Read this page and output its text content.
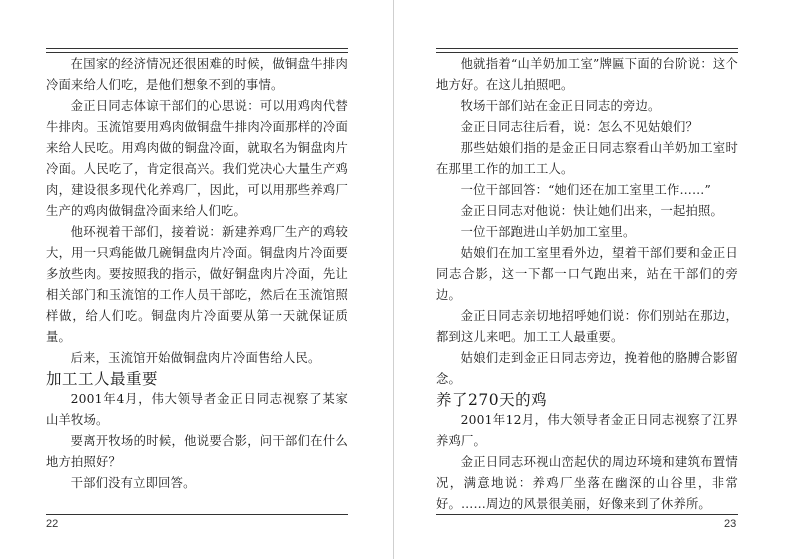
在国家的经济情况还很困难的时候，做铜盘牛排肉冷面来给人们吃，是他们想象不到的事情。

金正日同志体谅干部们的心思说：可以用鸡肉代替牛排肉。玉流馆要用鸡肉做铜盘牛排肉冷面那样的冷面来给人民吃。用鸡肉做的铜盘冷面，就取名为铜盘肉片冷面。人民吃了，肯定很高兴。我们党决心大量生产鸡肉，建设很多现代化养鸡厂，因此，可以用那些养鸡厂生产的鸡肉做铜盘冷面来给人们吃。

他环视着干部们，接着说：新建养鸡厂生产的鸡较大，用一只鸡能做几碗铜盘肉片冷面。铜盘肉片冷面要多放些肉。要按照我的指示，做好铜盘肉片冷面，先让相关部门和玉流馆的工作人员干部吃，然后在玉流馆照样做，给人们吃。铜盘肉片冷面要从第一天就保证质量。

后来，玉流馆开始做铜盘肉片冷面售给人民。

加工工人最重要

2001年4月，伟大领导者金正日同志视察了某家山羊牧场。

要离开牧场的时候，他说要合影，问干部们在什么地方拍照好？

干部们没有立即回答。

22

他就指着“山羊奶加工室”牌匾下面的台阶说：这个地方好。在这儿拍照吧。

牧场干部们站在金正日同志的旁边。

金正日同志往后看，说：怎么不见姑娘们？

那些姑娘们指的是金正日同志察看山羊奶加工室时在那里工作的加工工人。

一位干部回答：“她们还在加工室里工作……”

金正日同志对他说：快让她们出来，一起拍照。

一位干部跑进山羊奶加工室里。

姑娘们在加工室里看外边，望着干部们要和金正日同志合影，这一下都一口气跑出来，站在干部们的旁边。

金正日同志亲切地招呼她们说：你们别站在那边，都到这儿来吧。加工工人最重要。

姑娘们走到金正日同志旁边，挽着他的胳膊合影留念。

养了270天的鸡

2001年12月，伟大领导者金正日同志视察了江界养鸡厂。

金正日同志环视山峦起伏的周边环境和建筑布置情况，满意地说：养鸡厂坐落在幽深的山谷里，非常好。……周边的风景很美丽，好像来到了休养所。

23
